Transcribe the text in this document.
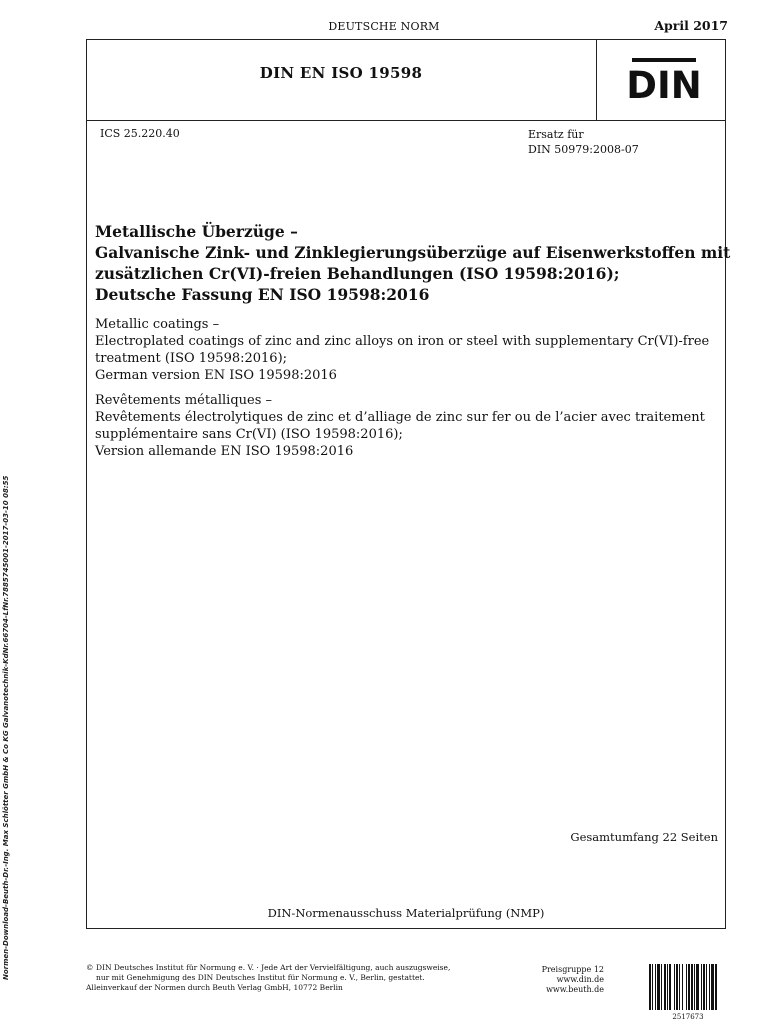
DEUTSCHE NORM	April 2017
DIN EN ISO 19598	DIN
ICS 25.220.40	Ersatz für
DIN 50979:2008-07
Metallische Überzüge –
Galvanische Zink- und Zinklegierungsüberzüge auf Eisenwerkstoffen mit
zusätzlichen Cr(VI)-freien Behandlungen (ISO 19598:2016);
Deutsche Fassung EN ISO 19598:2016
Metallic coatings –
Electroplated coatings of zinc and zinc alloys on iron or steel with supplementary Cr(VI)-free
treatment (ISO 19598:2016);
German version EN ISO 19598:2016
Revêtements métalliques –
Revêtements électrolytiques de zinc et d’alliage de zinc sur fer ou de l’acier avec traitement
supplémentaire sans Cr(VI) (ISO 19598:2016);
Version allemande EN ISO 19598:2016
Gesamtumfang 22 Seiten
DIN-Normenausschuss Materialprüfung (NMP)
© DIN Deutsches Institut für Normung e. V. · Jede Art der Vervielfältigung, auch auszugsweise,
nur mit Genehmigung des DIN Deutsches Institut für Normung e. V., Berlin, gestattet.
Alleinverkauf der Normen durch Beuth Verlag GmbH, 10772 Berlin
Preisgruppe 12
www.din.de
www.beuth.de
2517673
Normen-Download-Beuth-Dr.-Ing. Max Schlötter GmbH & Co KG Galvanotechnik-KdNr.66704-LfNr.7885745001-2017-03-10 08:55
